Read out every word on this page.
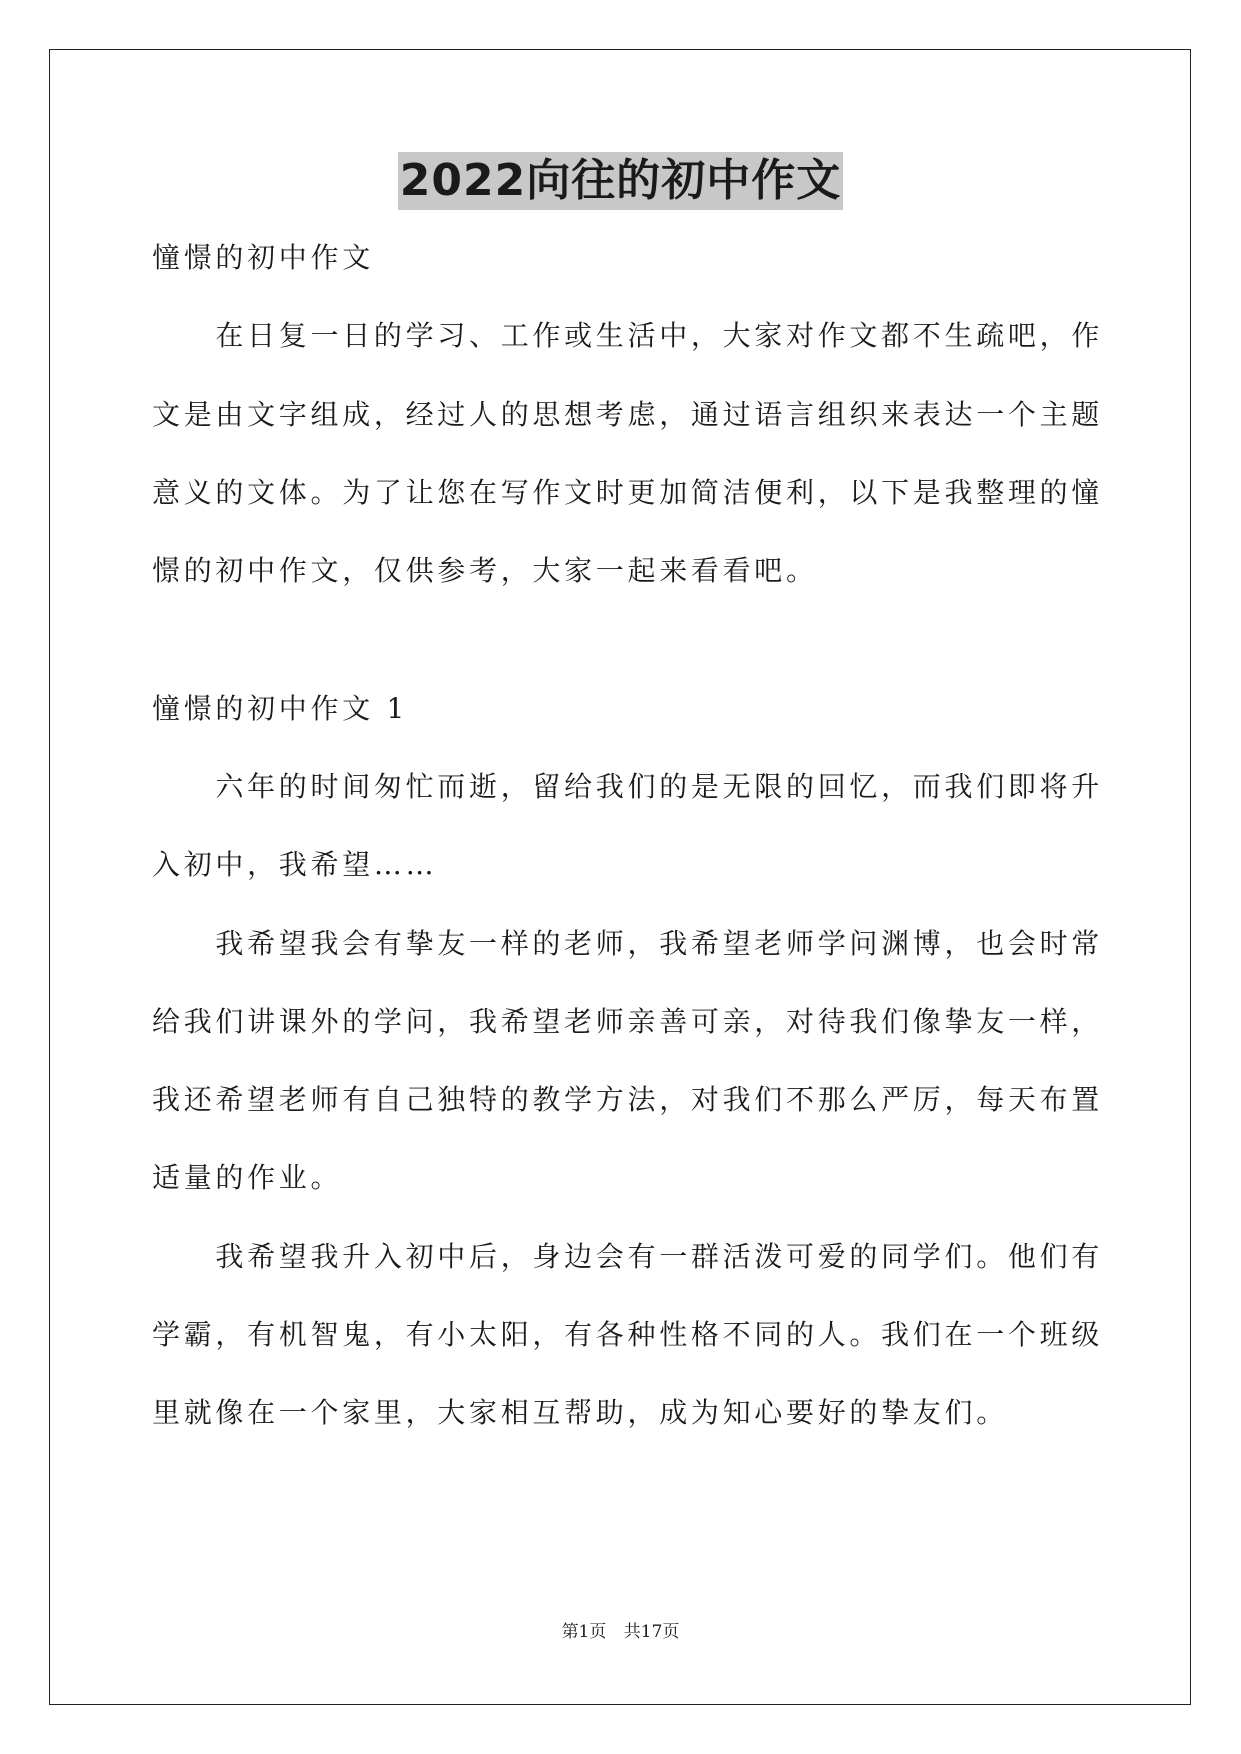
2022向往的初中作文
憧憬的初中作文
　　在日复一日的学习、工作或生活中，大家对作文都不生疏吧，作
文是由文字组成，经过人的思想考虑，通过语言组织来表达一个主题
意义的文体。为了让您在写作文时更加简洁便利，以下是我整理的憧
憬的初中作文，仅供参考，大家一起来看看吧。
憧憬的初中作文 1
　　六年的时间匆忙而逝，留给我们的是无限的回忆，而我们即将升
入初中，我希望……
　　我希望我会有挚友一样的老师，我希望老师学问渊博，也会时常
给我们讲课外的学问，我希望老师亲善可亲，对待我们像挚友一样，
我还希望老师有自己独特的教学方法，对我们不那么严厉，每天布置
适量的作业。
　　我希望我升入初中后，身边会有一群活泼可爱的同学们。他们有
学霸，有机智鬼，有小太阳，有各种性格不同的人。我们在一个班级
里就像在一个家里，大家相互帮助，成为知心要好的挚友们。
第1页 共17页
